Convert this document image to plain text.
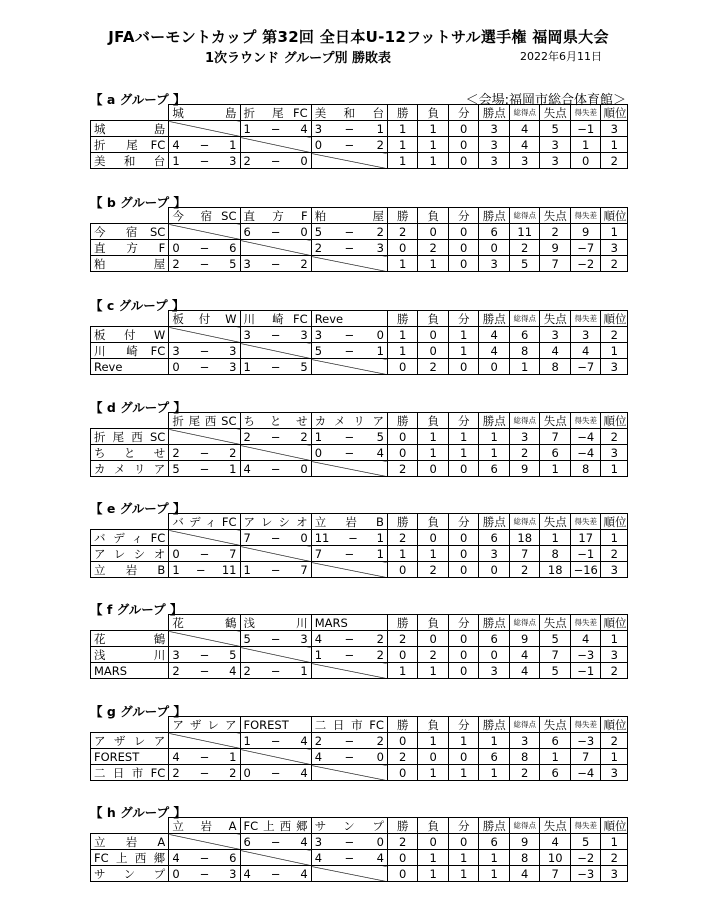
JFAバーモントカップ 第32回 全日本U-12フットサル選手権 福岡県大会
1次ラウンド グループ別 勝敗表	2022年6月11日
【 a グループ 】	＜会場:福岡市総合体育館＞
	城　　島	折　尾 FC	美　和　台	勝	負	分	勝点	総得点	失点	得失差	順位
城　　島		1 − 4	3 − 1	1	1	0	3	4	5	−1	3
折　尾 FC	4 − 1		0 − 2	1	1	0	3	4	3	1	1
美　和　台	1 − 3	2 − 0		1	1	0	3	3	3	0	2
【 b グループ 】
	今　宿 SC	直　方　F	粕　　屋	勝	負	分	勝点	総得点	失点	得失差	順位
今　宿 SC		6 − 0	5 − 2	2	0	0	6	11	2	9	1
直　方　F	0 − 6		2 − 3	0	2	0	0	2	9	−7	3
粕　　屋	2 − 5	3 − 2		1	1	0	3	5	7	−2	2
【 c グループ 】
	板　付　W	川　崎 FC	Reve	勝	負	分	勝点	総得点	失点	得失差	順位
板　付　W		3 − 3	3 − 0	1	0	1	4	6	3	3	2
川　崎 FC	3 − 3		5 − 1	1	0	1	4	8	4	4	1
Reve	0 − 3	1 − 5		0	2	0	0	1	8	−7	3
【 d グループ 】
	折尾西SC	ち　と　せ	カメリア	勝	負	分	勝点	総得点	失点	得失差	順位
折尾西SC		2 − 2	1 − 5	0	1	1	1	3	7	−4	2
ち　と　せ	2 − 2		0 − 4	0	1	1	1	2	6	−4	3
カメリア	5 − 1	4 − 0		2	0	0	6	9	1	8	1
【 e グループ 】
	バディFC	アレシオ	立　岩　B	勝	負	分	勝点	総得点	失点	得失差	順位
バディFC		7 − 0	11 − 1	2	0	0	6	18	1	17	1
アレシオ	0 − 7		7 − 1	1	1	0	3	7	8	−1	2
立　岩　B	1 − 11	1 − 7		0	2	0	0	2	18	−16	3
【 f グループ 】
	花　　鶴	浅　　川	MARS	勝	負	分	勝点	総得点	失点	得失差	順位
花　　鶴		5 − 3	4 − 2	2	0	0	6	9	5	4	1
浅　　川	3 − 5		1 − 2	0	2	0	0	4	7	−3	3
MARS	2 − 4	2 − 1		1	1	0	3	4	5	−1	2
【 g グループ 】
	アザレア	FOREST	二日市FC	勝	負	分	勝点	総得点	失点	得失差	順位
アザレア		1 − 4	2 − 2	0	1	1	1	3	6	−3	2
FOREST	4 − 1		4 − 0	2	0	0	6	8	1	7	1
二日市FC	2 − 2	0 − 4		0	1	1	1	2	6	−4	3
【 h グループ 】
	立　岩　A	FC上西郷	サンプ	勝	負	分	勝点	総得点	失点	得失差	順位
立　岩　A		6 − 4	3 − 0	2	0	0	6	9	4	5	1
FC上西郷	4 − 6		4 − 4	0	1	1	1	8	10	−2	2
サンプ	0 − 3	4 − 4		0	1	1	1	4	7	−3	3
